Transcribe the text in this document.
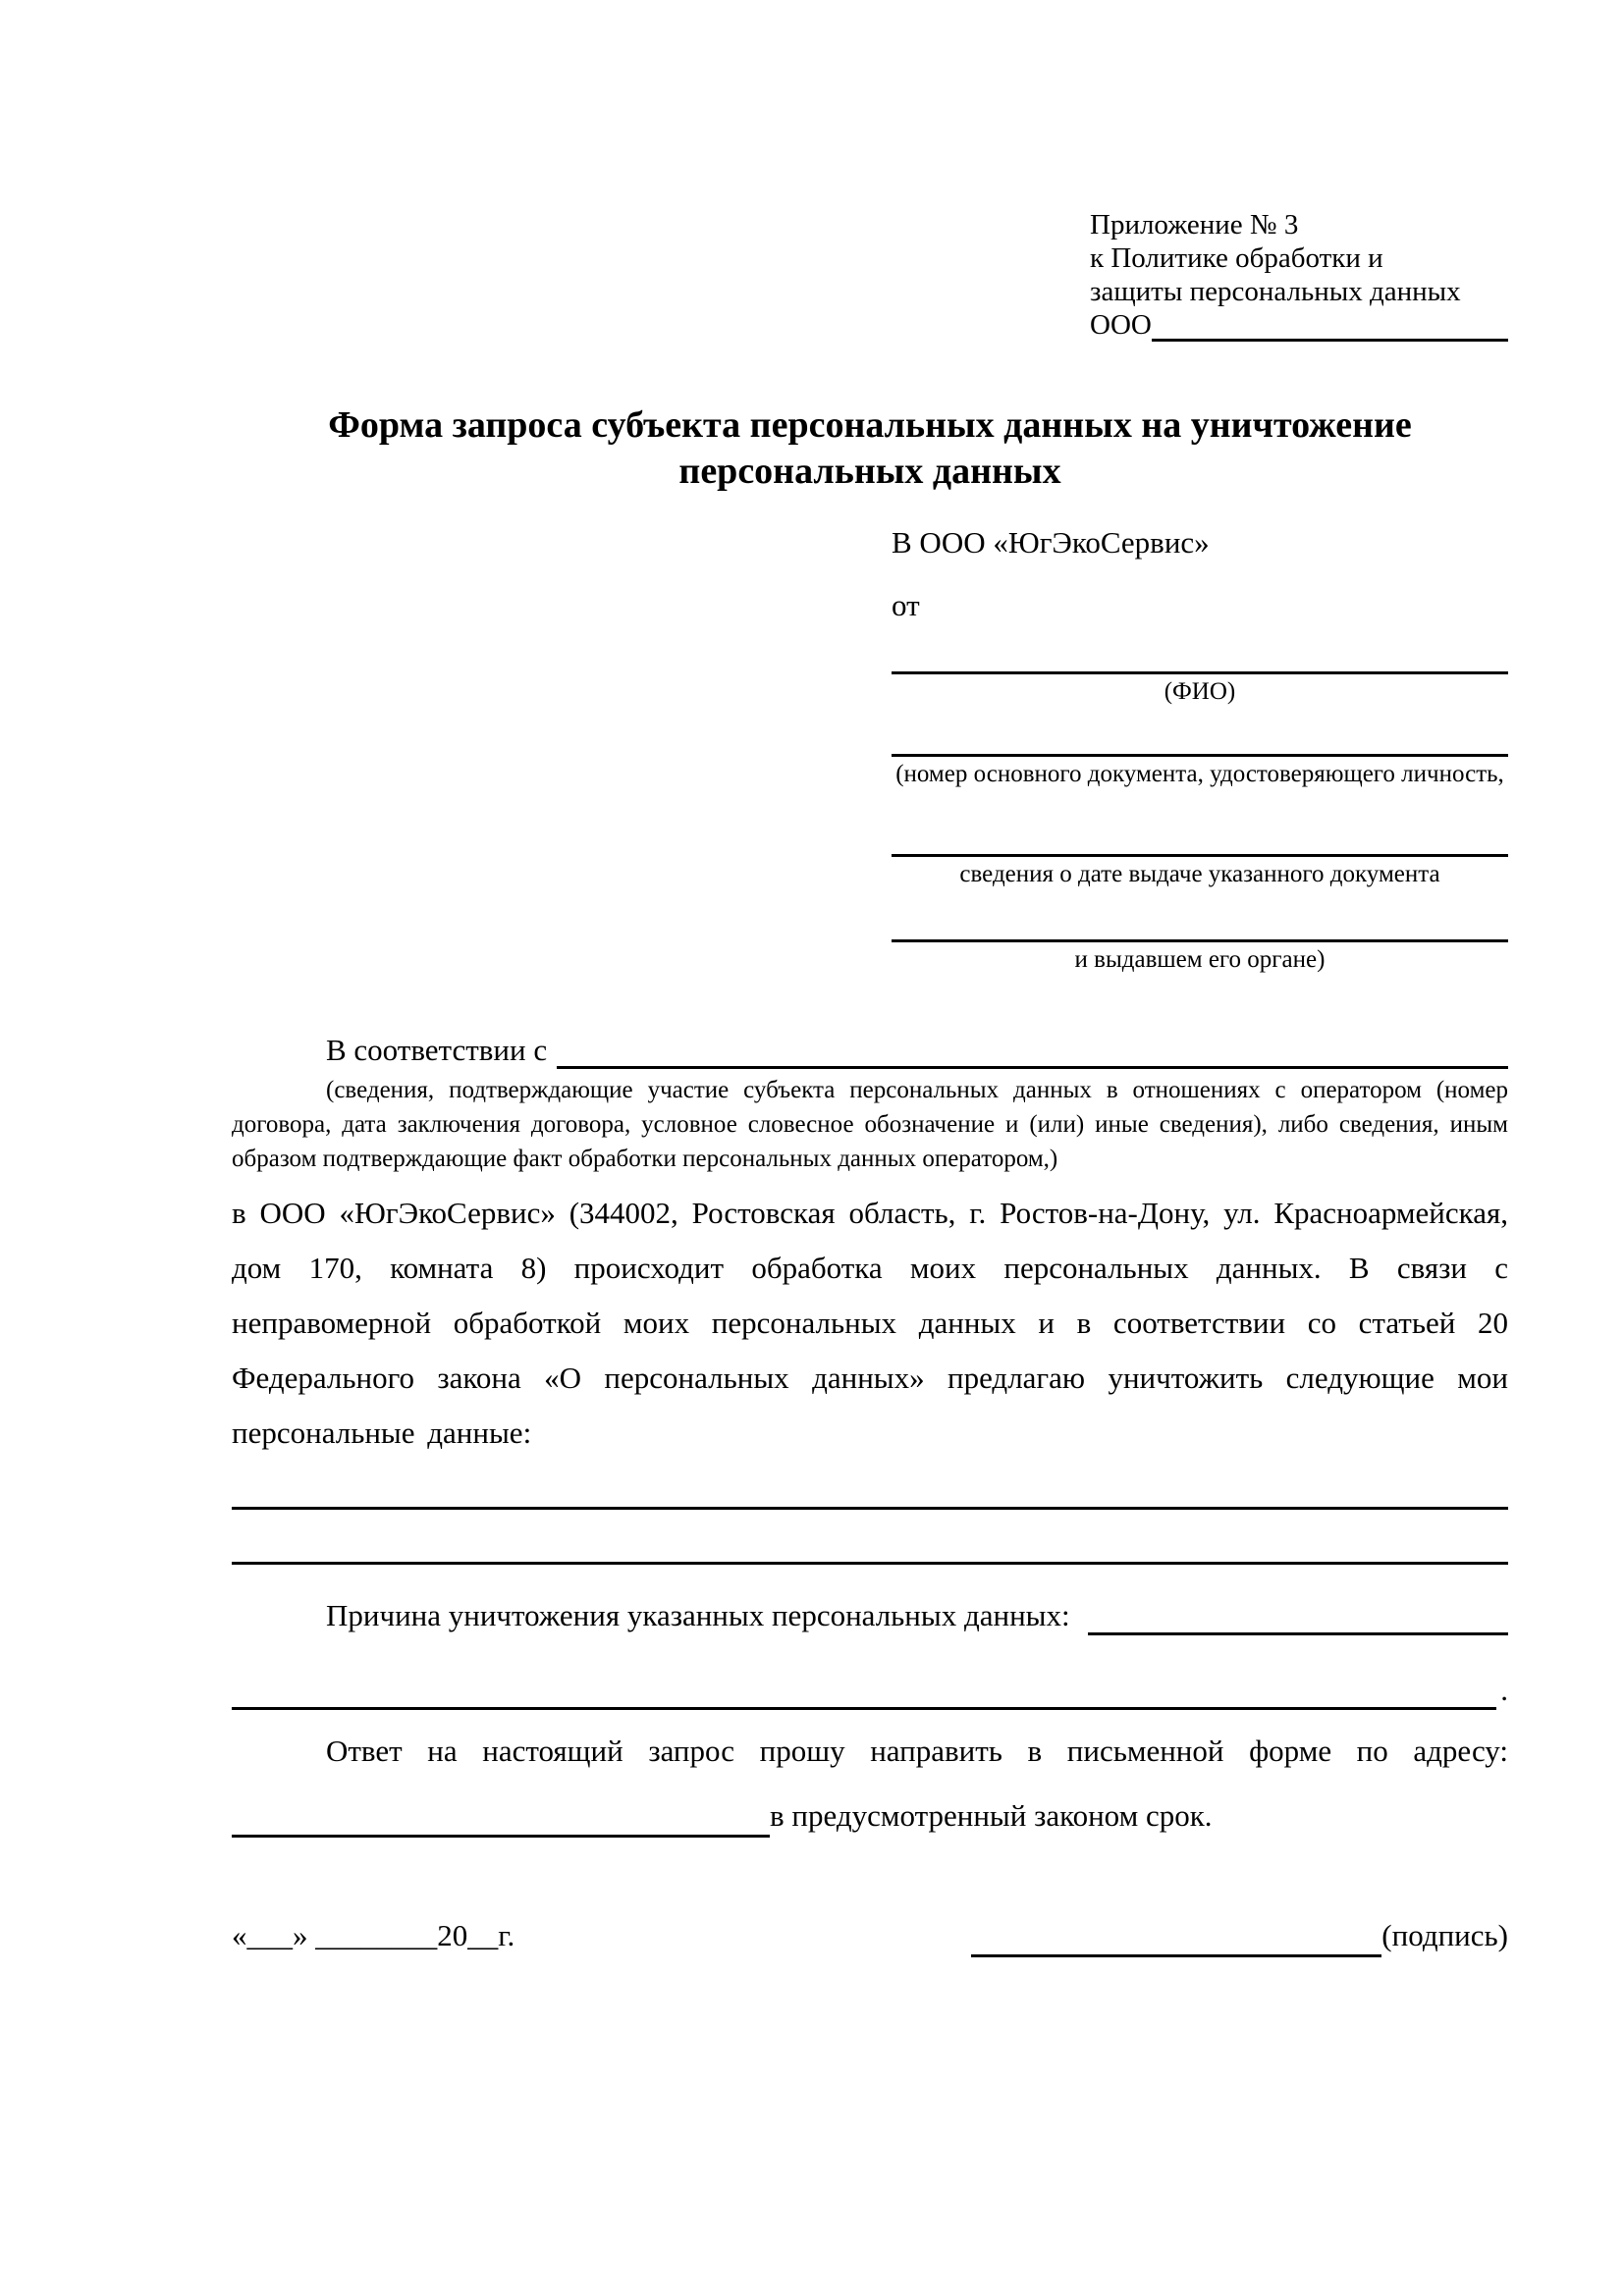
Приложение № 3
к Политике обработки и
защиты персональных данных
ООО
Форма запроса субъекта персональных данных на уничтожение персональных данных
В ООО «ЮгЭкоСервис»
от
(ФИО)
(номер основного документа, удостоверяющего личность,
сведения о дате выдаче указанного документа
и выдавшем его органе)
В соответствии с
(сведения, подтверждающие участие субъекта персональных данных в отношениях с оператором (номер договора, дата заключения договора, условное словесное обозначение и (или) иные сведения), либо сведения, иным образом подтверждающие факт обработки персональных данных оператором,)
в ООО «ЮгЭкоСервис» (344002, Ростовская область, г. Ростов-на-Дону, ул. Красноармейская, дом 170, комната 8) происходит обработка моих персональных данных. В связи с неправомерной обработкой моих персональных данных и в соответствии со статьей 20 Федерального закона «О персональных данных» предлагаю уничтожить следующие мои персональные данные:
Причина уничтожения указанных персональных данных:
.
Ответ на настоящий запрос прошу направить в письменной форме по адресу:
в предусмотренный законом срок.
«___» ________20__г.	(подпись)
